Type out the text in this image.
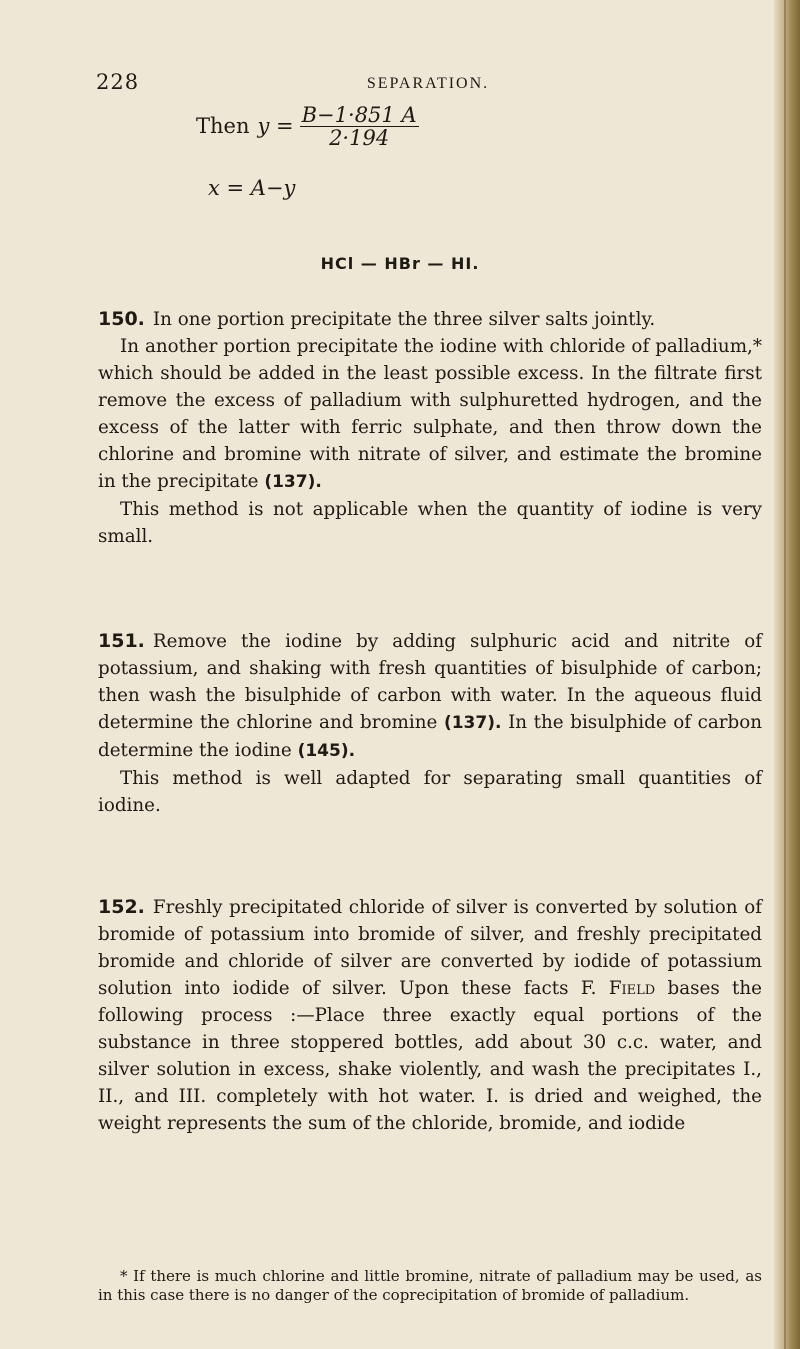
228	SEPARATION.
Then $y = \frac{B-1\cdot 851 A}{2\cdot 194}$
x = A−y
HCl — HBr — HI.

150. In one portion precipitate the three silver salts jointly.

In another portion precipitate the iodine with chloride of palladium,* which should be added in the least possible excess. In the filtrate first remove the excess of palladium with sulphuretted hydrogen, and the excess of the latter with ferric sulphate, and then throw down the chlorine and bromine with nitrate of silver, and estimate the bromine in the precipitate (137).

This method is not applicable when the quantity of iodine is very small.

151. Remove the iodine by adding sulphuric acid and nitrite of potassium, and shaking with fresh quantities of bisulphide of carbon; then wash the bisulphide of carbon with water. In the aqueous fluid determine the chlorine and bromine (137). In the bisulphide of carbon determine the iodine (145).

This method is well adapted for separating small quantities of iodine.

152. Freshly precipitated chloride of silver is converted by solution of bromide of potassium into bromide of silver, and freshly precipitated bromide and chloride of silver are converted by iodide of potassium solution into iodide of silver. Upon these facts F. Field bases the following process :—Place three exactly equal portions of the substance in three stoppered bottles, add about 30 c.c. water, and silver solution in excess, shake violently, and wash the precipitates I., II., and III. completely with hot water. I. is dried and weighed, the weight represents the sum of the chloride, bromide, and iodide

* If there is much chlorine and little bromine, nitrate of palladium may be used, as in this case there is no danger of the coprecipitation of bromide of palladium.
